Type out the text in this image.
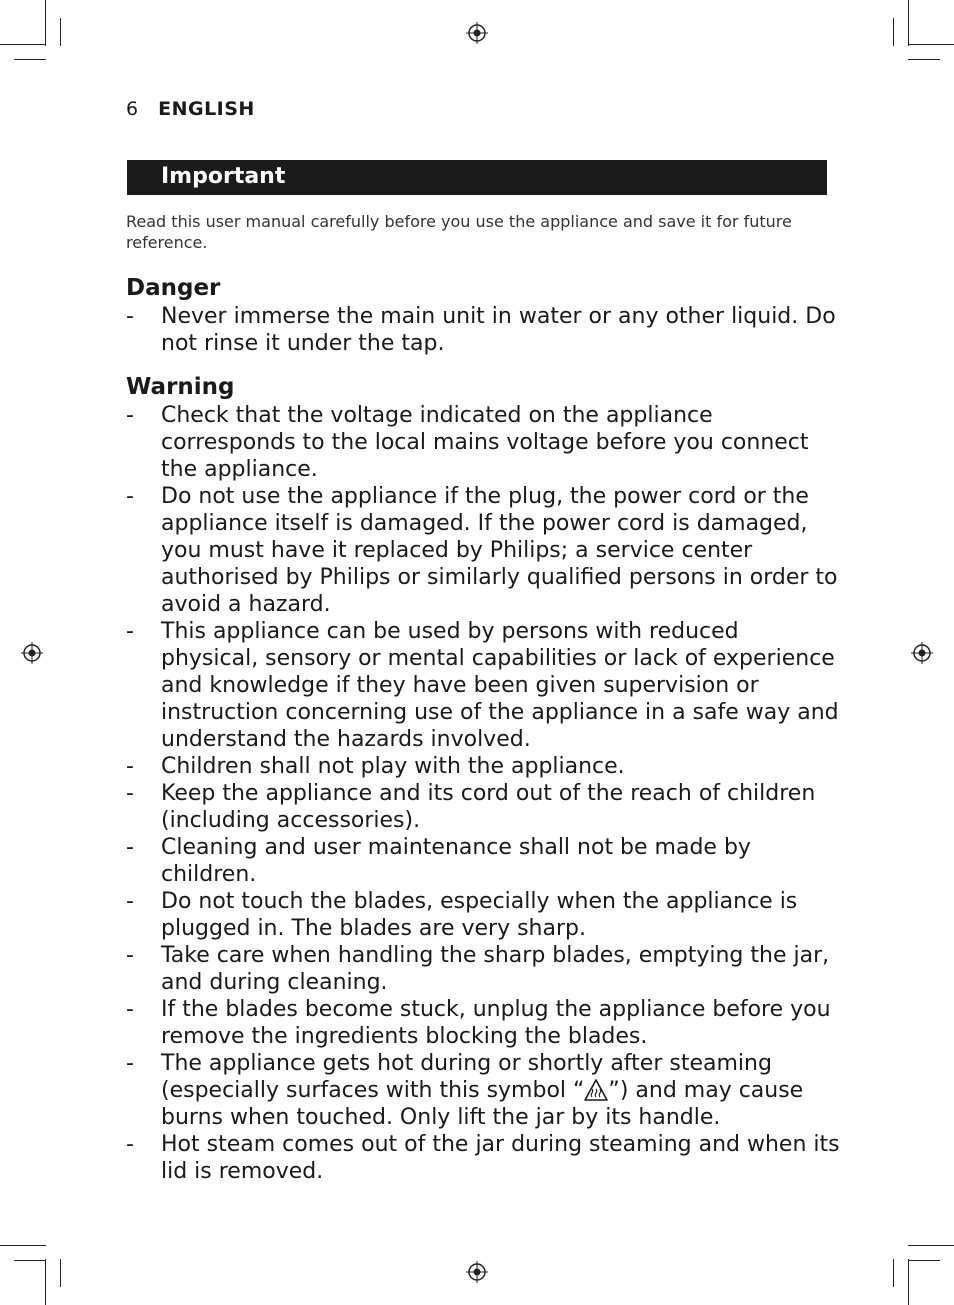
6 ENGLISH
Important
Read this user manual carefully before you use the appliance and save it for future reference.
Danger
- Never immerse the main unit in water or any other liquid. Do not rinse it under the tap.
Warning
- Check that the voltage indicated on the appliance corresponds to the local mains voltage before you connect the appliance.
- Do not use the appliance if the plug, the power cord or the appliance itself is damaged. If the power cord is damaged, you must have it replaced by Philips; a service center authorised by Philips or similarly qualified persons in order to avoid a hazard.
- This appliance can be used by persons with reduced physical, sensory or mental capabilities or lack of experience and knowledge if they have been given supervision or instruction concerning use of the appliance in a safe way and understand the hazards involved.
- Children shall not play with the appliance.
- Keep the appliance and its cord out of the reach of children (including accessories).
- Cleaning and user maintenance shall not be made by children.
- Do not touch the blades, especially when the appliance is plugged in. The blades are very sharp.
- Take care when handling the sharp blades, emptying the jar, and during cleaning.
- If the blades become stuck, unplug the appliance before you remove the ingredients blocking the blades.
- The appliance gets hot during or shortly after steaming (especially surfaces with this symbol “ ”) and may cause burns when touched. Only lift the jar by its handle.
- Hot steam comes out of the jar during steaming and when its lid is removed.
